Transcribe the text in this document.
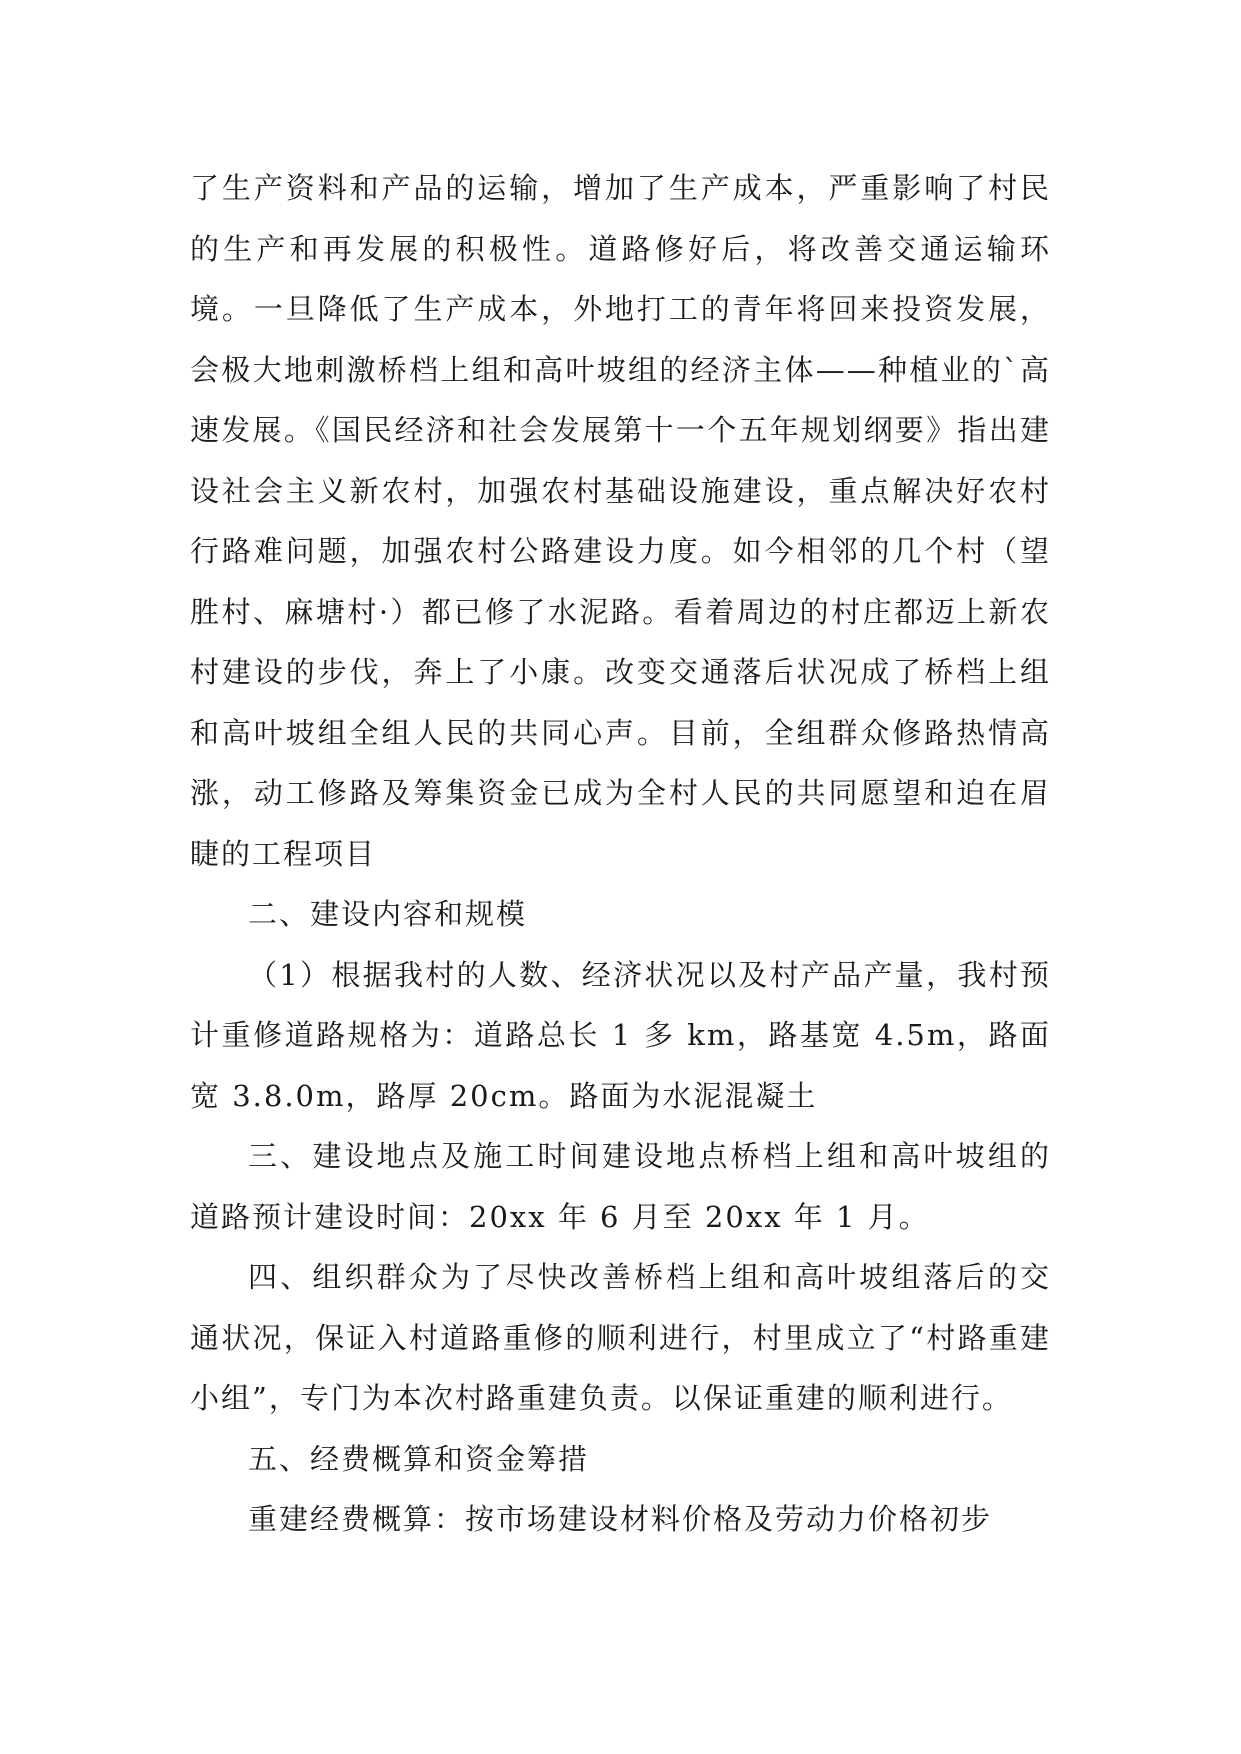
了生产资料和产品的运输，增加了生产成本，严重影响了村民的生产和再发展的积极性。道路修好后，将改善交通运输环境。一旦降低了生产成本，外地打工的青年将回来投资发展，会极大地刺激桥档上组和高叶坡组的经济主体——种植业的`高速发展。《国民经济和社会发展第十一个五年规划纲要》指出建设社会主义新农村，加强农村基础设施建设，重点解决好农村行路难问题，加强农村公路建设力度。如今相邻的几个村（望胜村、麻塘村·）都已修了水泥路。看着周边的村庄都迈上新农村建设的步伐，奔上了小康。改变交通落后状况成了桥档上组和高叶坡组全组人民的共同心声。目前，全组群众修路热情高涨，动工修路及筹集资金已成为全村人民的共同愿望和迫在眉睫的工程项目

二、建设内容和规模

（1）根据我村的人数、经济状况以及村产品产量，我村预计重修道路规格为：道路总长 1 多 km，路基宽 4.5m，路面宽 3.8.0m，路厚 20cm。路面为水泥混凝土

三、建设地点及施工时间建设地点桥档上组和高叶坡组的道路预计建设时间：20xx 年 6 月至 20xx 年 1 月。

四、组织群众为了尽快改善桥档上组和高叶坡组落后的交通状况，保证入村道路重修的顺利进行，村里成立了“村路重建小组”，专门为本次村路重建负责。以保证重建的顺利进行。

五、经费概算和资金筹措

重建经费概算：按市场建设材料价格及劳动力价格初步
